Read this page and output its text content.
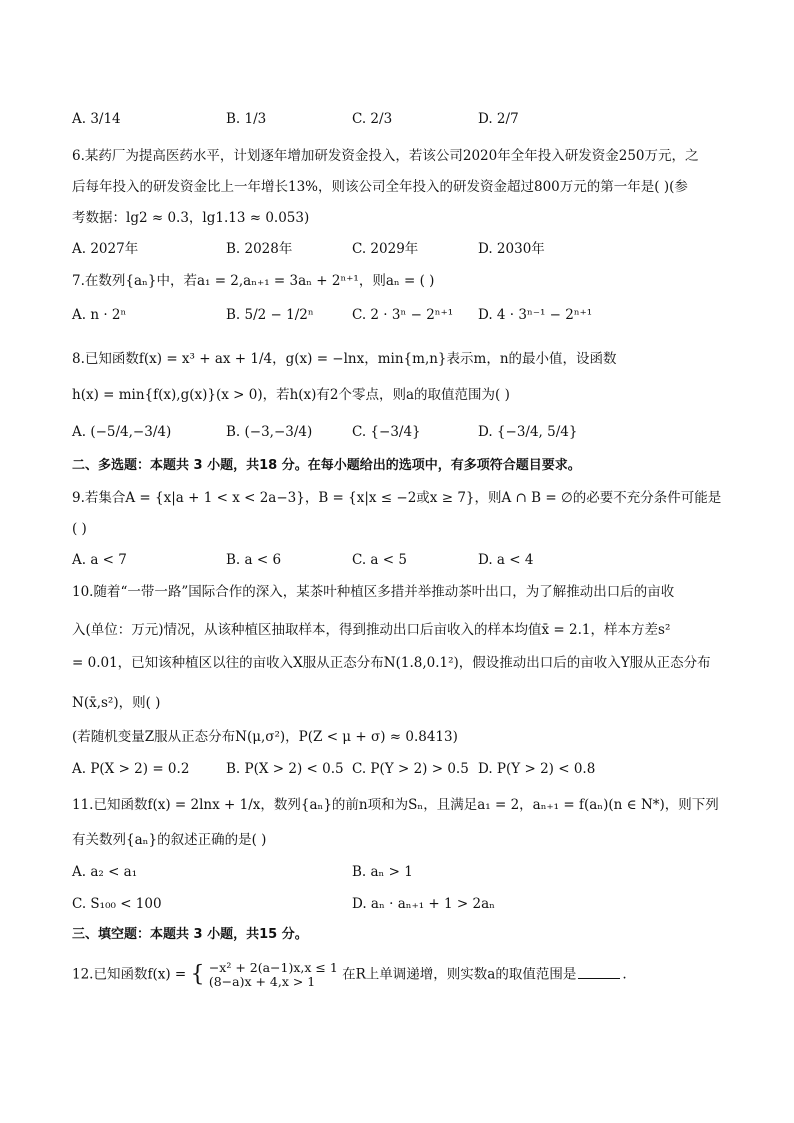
A. 3/14	B. 1/3	C. 2/3	D. 2/7
6.某药厂为提高医药水平，计划逐年增加研发资金投入，若该公司2020年全年投入研发资金250万元，之
后每年投入的研发资金比上一年增长13%，则该公司全年投入的研发资金超过800万元的第一年是( )(参
考数据：lg2 ≈ 0.3，lg1.13 ≈ 0.053)
A. 2027年	B. 2028年	C. 2029年	D. 2030年
7.在数列{aₙ}中，若a₁ = 2,aₙ₊₁ = 3aₙ + 2ⁿ⁺¹，则aₙ = ( )
A. n · 2ⁿ	B. 5/2 − 1/2ⁿ	C. 2 · 3ⁿ − 2ⁿ⁺¹ D. 4 · 3ⁿ⁻¹ − 2ⁿ⁺¹
8.已知函数f(x) = x³ + ax + 1/4，g(x) = −lnx，min{m,n}表示m，n的最小值，设函数
h(x) = min{f(x),g(x)}(x > 0)，若h(x)有2个零点，则a的取值范围为( )
A. (−5/4,−3/4)	B. (−3,−3/4)	C. {−3/4}	D. {−3/4, 5/4}
二、多选题：本题共 3 小题，共18 分。在每小题给出的选项中，有多项符合题目要求。
9.若集合A = {x|a + 1 < x < 2a−3}，B = {x|x ≤ −2或x ≥ 7}，则A ∩ B = ∅的必要不充分条件可能是
( )
A. a < 7	B. a < 6	C. a < 5	D. a < 4
10.随着“一带一路”国际合作的深入，某茶叶种植区多措并举推动茶叶出口，为了解推动出口后的亩收
入(单位：万元)情况，从该种植区抽取样本，得到推动出口后亩收入的样本均值x̄ = 2.1，样本方差s²
= 0.01，已知该种植区以往的亩收入X服从正态分布N(1.8,0.1²)，假设推动出口后的亩收入Y服从正态分布
N(x̄,s²)，则( )
(若随机变量Z服从正态分布N(μ,σ²)，P(Z < μ + σ) ≈ 0.8413)
A. P(X > 2) = 0.2	B. P(X > 2) < 0.5 C. P(Y > 2) > 0.5 D. P(Y > 2) < 0.8
11.已知函数f(x) = 2lnx + 1/x，数列{aₙ}的前n项和为Sₙ，且满足a₁ = 2，aₙ₊₁ = f(aₙ)(n ∈ N*)，则下列
有关数列{aₙ}的叙述正确的是( )
A. a₂ < a₁	B. aₙ > 1
C. S₁₀₀ < 100	D. aₙ · aₙ₊₁ + 1 > 2aₙ
三、填空题：本题共 3 小题，共15 分。
12.已知函数f(x) = { −x² + 2(a−1)x,x ≤ 1
(8−a)x + 4,x > 1	在R上单调递增，则实数a的取值范围是	.
